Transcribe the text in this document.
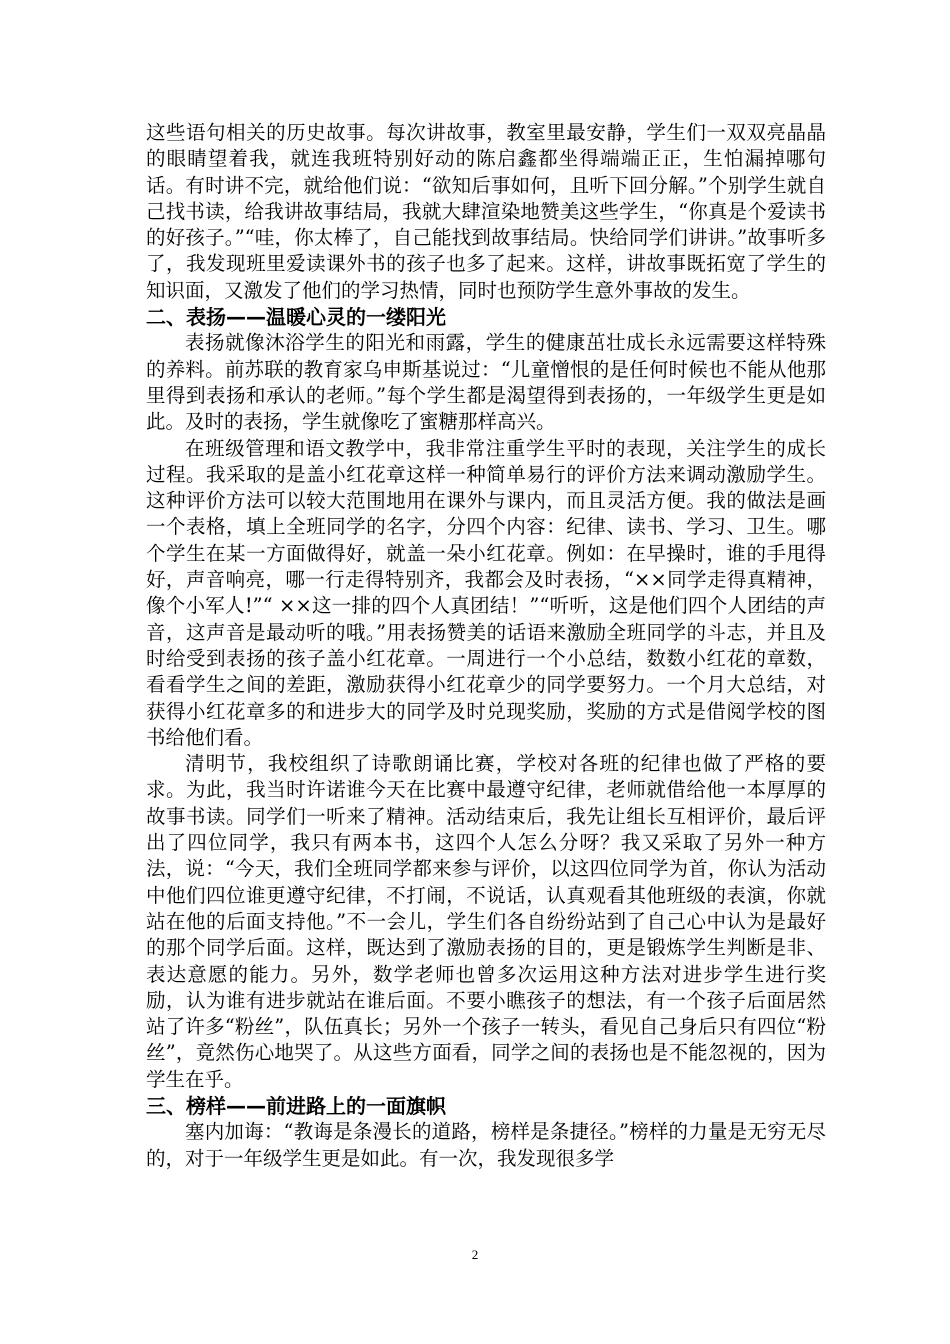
这些语句相关的历史故事。每次讲故事，教室里最安静，学生们一双双亮晶晶的眼睛望着我，就连我班特别好动的陈启鑫都坐得端端正正，生怕漏掉哪句话。有时讲不完，就给他们说：“欲知后事如何，且听下回分解。”个别学生就自己找书读，给我讲故事结局，我就大肆渲染地赞美这些学生，“你真是个爱读书的好孩子。”“哇，你太棒了，自己能找到故事结局。快给同学们讲讲。”故事听多了，我发现班里爱读课外书的孩子也多了起来。这样，讲故事既拓宽了学生的知识面，又激发了他们的学习热情，同时也预防学生意外事故的发生。

二、表扬——温暖心灵的一缕阳光

表扬就像沐浴学生的阳光和雨露，学生的健康茁壮成长永远需要这样特殊的养料。前苏联的教育家乌申斯基说过：“儿童憎恨的是任何时候也不能从他那里得到表扬和承认的老师。”每个学生都是渴望得到表扬的，一年级学生更是如此。及时的表扬，学生就像吃了蜜糖那样高兴。

在班级管理和语文教学中，我非常注重学生平时的表现，关注学生的成长过程。我采取的是盖小红花章这样一种简单易行的评价方法来调动激励学生。这种评价方法可以较大范围地用在课外与课内，而且灵活方便。我的做法是画一个表格，填上全班同学的名字，分四个内容：纪律、读书、学习、卫生。哪个学生在某一方面做得好，就盖一朵小红花章。例如：在早操时，谁的手甩得好，声音响亮，哪一行走得特别齐，我都会及时表扬，“××同学走得真精神，像个小军人!”“ ××这一排的四个人真团结！”“听听，这是他们四个人团结的声音，这声音是最动听的哦。”用表扬赞美的话语来激励全班同学的斗志，并且及时给受到表扬的孩子盖小红花章。一周进行一个小总结，数数小红花的章数，看看学生之间的差距，激励获得小红花章少的同学要努力。一个月大总结，对获得小红花章多的和进步大的同学及时兑现奖励，奖励的方式是借阅学校的图书给他们看。

清明节，我校组织了诗歌朗诵比赛，学校对各班的纪律也做了严格的要求。为此，我当时许诺谁今天在比赛中最遵守纪律，老师就借给他一本厚厚的故事书读。同学们一听来了精神。活动结束后，我先让组长互相评价，最后评出了四位同学，我只有两本书，这四个人怎么分呀？我又采取了另外一种方法，说：“今天，我们全班同学都来参与评价，以这四位同学为首，你认为活动中他们四位谁更遵守纪律，不打闹，不说话，认真观看其他班级的表演，你就站在他的后面支持他。”不一会儿，学生们各自纷纷站到了自己心中认为是最好的那个同学后面。这样，既达到了激励表扬的目的，更是锻炼学生判断是非、表达意愿的能力。另外，数学老师也曾多次运用这种方法对进步学生进行奖励，认为谁有进步就站在谁后面。不要小瞧孩子的想法，有一个孩子后面居然站了许多“粉丝”，队伍真长；另外一个孩子一转头，看见自己身后只有四位“粉丝”，竟然伤心地哭了。从这些方面看，同学之间的表扬也是不能忽视的，因为学生在乎。

三、榜样——前进路上的一面旗帜

塞内加诲：“教诲是条漫长的道路，榜样是条捷径。”榜样的力量是无穷无尽的，对于一年级学生更是如此。有一次，我发现很多学

2
